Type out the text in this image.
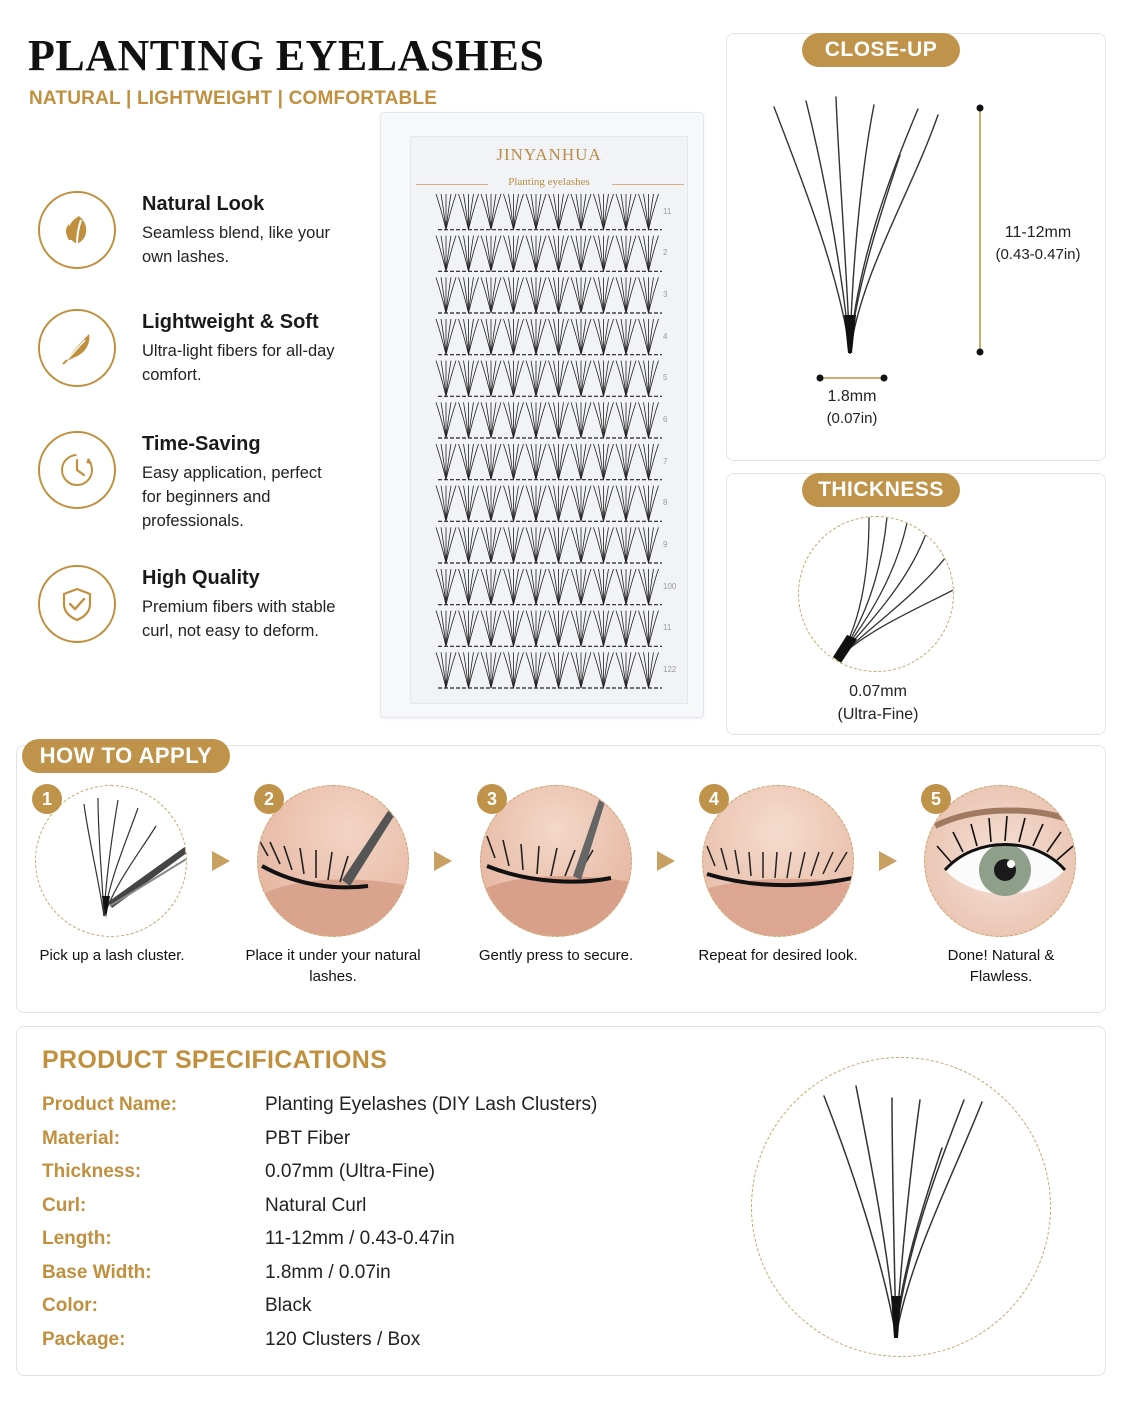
PLANTING EYELASHES
NATURAL | LIGHTWEIGHT | COMFORTABLE
Natural Look
Seamless blend, like your own lashes.
Lightweight & Soft
Ultra-light fibers for all-day comfort.
Time-Saving
Easy application, perfect for beginners and professionals.
High Quality
Premium fibers with stable curl, not easy to deform.
JINYANHUA
Planting eyelashes
11
2
3
4
5
6
7
8
9
100
11
122
CLOSE-UP
11-12mm
(0.43-0.47in)
1.8mm
(0.07in)
THICKNESS
0.07mm
(Ultra-Fine)
HOW TO APPLY
1	2	3	4	5
Pick up a lash cluster.	Place it under your natural lashes.
Gently press to secure.	Repeat for desired look.	Done! Natural & Flawless.
PRODUCT SPECIFICATIONS
Product Name:	Planting Eyelashes (DIY Lash Clusters)
Material:	PBT Fiber
Thickness:	0.07mm (Ultra-Fine)
Curl:	Natural Curl
Length:	11-12mm / 0.43-0.47in
Base Width:	1.8mm / 0.07in
Color:	Black
Package:	120 Clusters / Box
